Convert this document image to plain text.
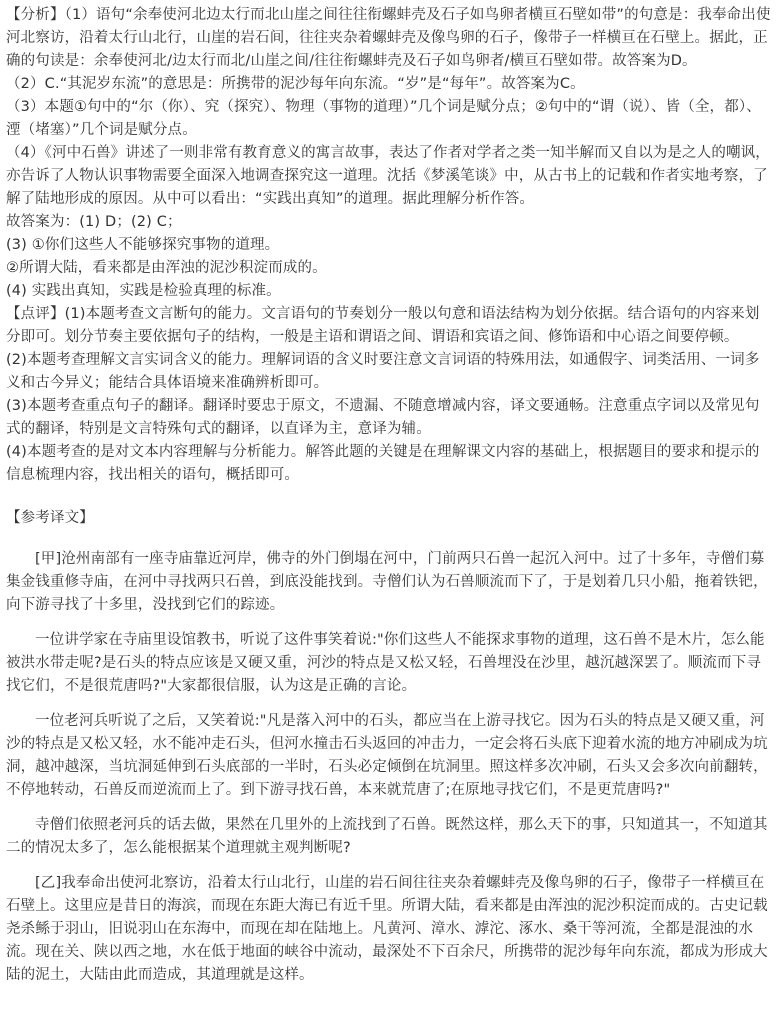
【分析】（1）语句“余奉使河北边太行而北山崖之间往往衔螺蚌壳及石子如鸟卵者横亘石壁如带”的句意是：我奉命出使河北察访，沿着太行山北行，山崖的岩石间，往往夹杂着螺蚌壳及像鸟卵的石子，像带子一样横亘在石壁上。据此，正确的句读是：余奉使河北/边太行而北/山崖之间/往往衔螺蚌壳及石子如鸟卵者/横亘石壁如带。故答案为D。

（2）C.“其泥岁东流”的意思是：所携带的泥沙每年向东流。“岁”是“每年”。故答案为C。

（3）本题①句中的“尔（你）、究（探究）、物理（事物的道理）”几个词是赋分点；②句中的“谓（说）、皆（全，都）、湮（堵塞）”几个词是赋分点。

（4）《河中石兽》讲述了一则非常有教育意义的寓言故事，表达了作者对学者之类一知半解而又自以为是之人的嘲讽，亦告诉了人物认识事物需要全面深入地调查探究这一道理。沈括《梦溪笔谈》中，从古书上的记载和作者实地考察，了解了陆地形成的原因。从中可以看出：“实践出真知”的道理。据此理解分析作答。

故答案为：(1) D；(2) C；

(3) ①你们这些人不能够探究事物的道理。

②所谓大陆，看来都是由浑浊的泥沙积淀而成的。

(4) 实践出真知，实践是检验真理的标准。

【点评】(1)本题考查文言断句的能力。文言语句的节奏划分一般以句意和语法结构为划分依据。结合语句的内容来划分即可。划分节奏主要依据句子的结构，一般是主语和谓语之间、谓语和宾语之间、修饰语和中心语之间要停顿。

(2)本题考查理解文言实词含义的能力。理解词语的含义时要注意文言词语的特殊用法，如通假字、词类活用、一词多义和古今异义；能结合具体语境来准确辨析即可。

(3)本题考查重点句子的翻译。翻译时要忠于原文，不遗漏、不随意增减内容，译文要通畅。注意重点字词以及常见句式的翻译，特别是文言特殊句式的翻译，以直译为主，意译为辅。

(4)本题考查的是对文本内容理解与分析能力。解答此题的关键是在理解课文内容的基础上，根据题目的要求和提示的信息梳理内容，找出相关的语句，概括即可。

【参考译文】

[甲]沧州南部有一座寺庙靠近河岸，佛寺的外门倒塌在河中，门前两只石兽一起沉入河中。过了十多年，寺僧们募集金钱重修寺庙，在河中寻找两只石兽，到底没能找到。寺僧们认为石兽顺流而下了，于是划着几只小船，拖着铁钯，向下游寻找了十多里，没找到它们的踪迹。

一位讲学家在寺庙里设馆教书，听说了这件事笑着说:"你们这些人不能探求事物的道理，这石兽不是木片，怎么能被洪水带走呢?是石头的特点应该是又硬又重，河沙的特点是又松又轻，石兽埋没在沙里，越沉越深罢了。顺流而下寻找它们，不是很荒唐吗?"大家都很信服，认为这是正确的言论。

一位老河兵听说了之后，又笑着说:"凡是落入河中的石头，都应当在上游寻找它。因为石头的特点是又硬又重，河沙的特点是又松又轻，水不能冲走石头，但河水撞击石头返回的冲击力，一定会将石头底下迎着水流的地方冲刷成为坑洞，越冲越深，当坑洞延伸到石头底部的一半时，石头必定倾倒在坑洞里。照这样多次冲刷，石头又会多次向前翻转，不停地转动，石兽反而逆流而上了。到下游寻找石兽，本来就荒唐了;在原地寻找它们，不是更荒唐吗?"

寺僧们依照老河兵的话去做，果然在几里外的上流找到了石兽。既然这样，那么天下的事，只知道其一，不知道其二的情况太多了，怎么能根据某个道理就主观判断呢?

[乙]我奉命出使河北察访，沿着太行山北行，山崖的岩石间往往夹杂着螺蚌壳及像鸟卵的石子，像带子一样横亘在石壁上。这里应是昔日的海滨，而现在东距大海已有近千里。所谓大陆，看来都是由浑浊的泥沙积淀而成的。古史记载尧杀鲧于羽山，旧说羽山在东海中，而现在却在陆地上。凡黄河、漳水、滹沱、涿水、桑干等河流，全都是混浊的水流。现在关、陕以西之地，水在低于地面的峡谷中流动，最深处不下百余尺，所携带的泥沙每年向东流，都成为形成大陆的泥土，大陆由此而造成，其道理就是这样。
